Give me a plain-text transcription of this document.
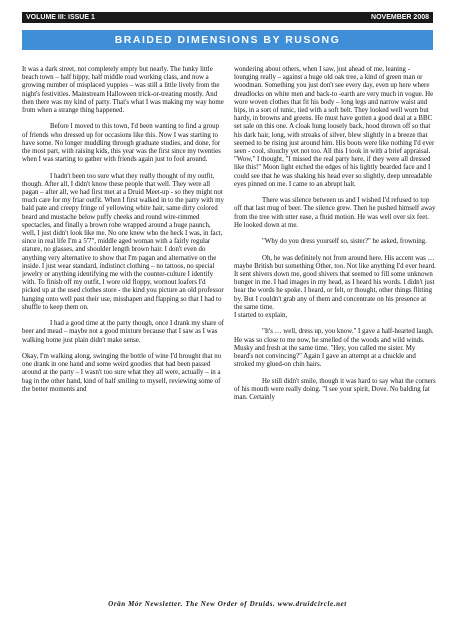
VOLUME III: ISSUE 1	NOVEMBER 2008
BRAIDED DIMENSIONS BY RUSONG

It was a dark street, not completely empty but nearly. The funky little beach town – half hippy, half middle road working class, and now a growing number of misplaced yuppies – was still a little lively from the night's festivities. Mainstream Halloween trick-or-treating mostly. And then there was my kind of party. That's what I was making my way home from when a strange thing happened.

Before I moved to this town, I'd been wanting to find a group of friends who dressed up for occasions like this. Now I was starting to have some. No longer muddling through graduate studies, and done, for the most part, with raising kids, this year was the first since my twenties when I was starting to gather with friends again just to fool around.

I hadn't been too sure what they really thought of my outfit, though. After all, I didn't know these people that well. They were all pagan – after all, we had first met at a Druid Meet-up - so they might not much care for my friar outfit. When I first walked in to the party with my bald pate and creepy fringe of yellowing white hair, same dirty colored beard and mustache below puffy cheeks and round wire-rimmed spectacles, and finally a brown robe wrapped around a huge paunch, well, I just didn't look like me. No one knew who the heck I was, in fact, since in real life I'm a 5'7", middle aged woman with a fairly regular stature, no glasses, and shoulder length brown hair. I don't even do anything very alternative to show that I'm pagan and alternative on the inside. I just wear standard, indistinct clothing – no tattoos, no special jewelry or anything identifying me with the counter-culture I identify with. To finish off my outfit, I wore old floppy, wornout loafers I'd picked up at the used clothes store - the kind you picture an old professor hanging onto well past their use, misshapen and flapping so that I had to shuffle to keep them on.

I had a good time at the party though, once I drank my share of beer and mead – maybe not a good mixture because that I saw as I was walking home just plain didn't make sense.

Okay, I'm walking along, swinging the bottle of wine I'd brought that no one drank in one hand and some weird goodies that had been passed around at the party – I wasn't too sure what they all were, actually – in a bag in the other hand, kind of half smiling to myself, reviewing some of the better moments and

wondering about others, when I saw, just ahead of me, leaning - lounging really – against a huge old oak tree, a kind of green man or woodman. Something you just don't see every day, even up here where dreadlocks on white men and back-to -earth are very much in vogue. He wore woven clothes that fit his body – long legs and narrow waist and hips, in a sort of tunic, tied with a soft belt. They looked well worn but hardy, in browns and greens. He must have gotten a good deal at a BBC set sale on this one. A cloak hung loosely back, hood thrown off so that his dark hair, long, with streaks of silver, blew slightly in a breeze that seemed to be rising just around him. His boots were like nothing I'd ever seen - cool, slouchy yet not too. All this I took in with a brief appraisal. "Wow," I thought, "I missed the real party here, if they were all dressed like this!" Moon light etched the edges of his lightly bearded face and I could see that he was shaking his head ever so slightly, deep unreadable eyes pinned on me. I came to an abrupt halt.

There was silence between us and I wished I'd refused to top off that last mug of beer. The silence grew. Then he pushed himself away from the tree with utter ease, a fluid motion. He was well over six feet. He looked down at me.

"Why do you dress yourself so, sister?" he asked, frowning.

Oh, he was definitely not from around here. His accent was … maybe British but something Other, too. Not like anything I'd ever heard. It sent shivers down me, good shivers that seemed to fill some unknown hunger in me. I had images in my head, as I heard his words. I didn't just hear the words he spoke. I heard, or felt, or thought, other things flitting by. But I couldn't grab any of them and concentrate on his presence at the same time.

I started to explain,

"It's … well, dress up, you know." I gave a half-hearted laugh. He was so close to me now, he smelled of the woods and wild winds. Musky and fresh at the same time. "Hey, you called me sister. My beard's not convincing?" Again I gave an attempt at a chuckle and stroked my glued-on chin hairs.

He still didn't smile, though it was hard to say what the corners of his mouth were really doing. "I see your spirit, Dove. No balding fat man. Certainly

Orän Mór Newsletter. The New Order of Druids. www.druidcircle.net
